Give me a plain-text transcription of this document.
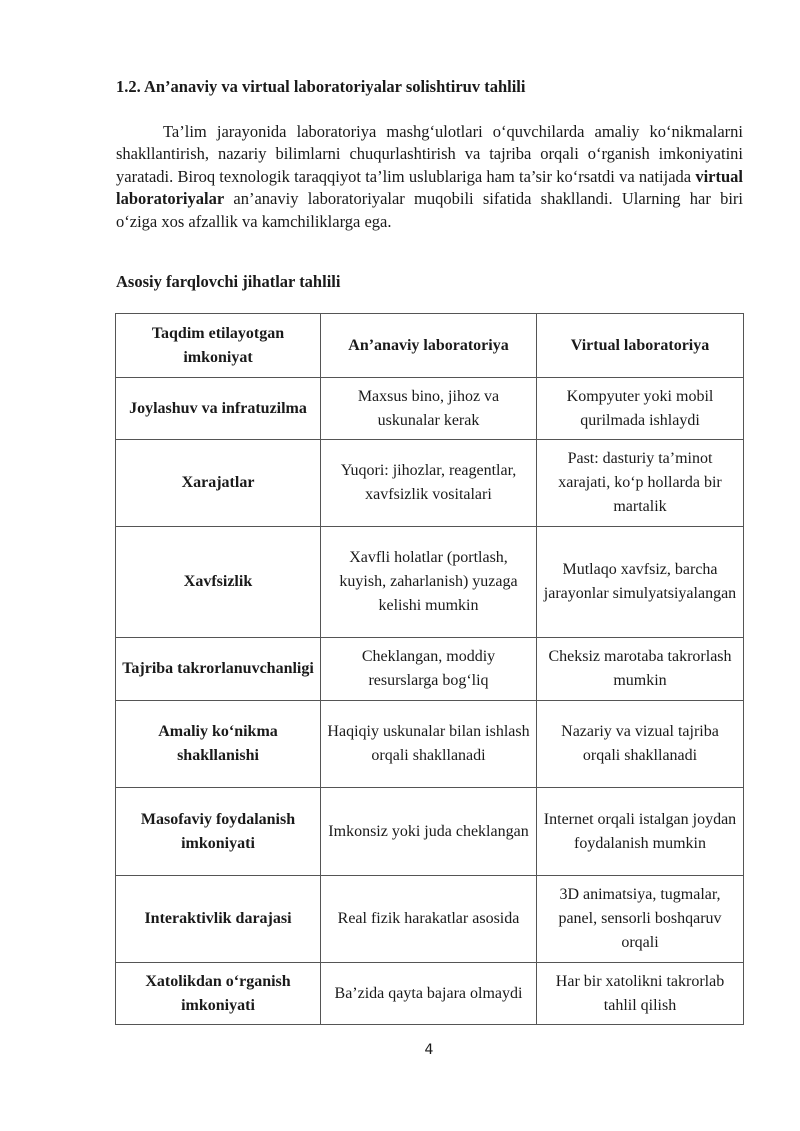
1.2. An’anaviy va virtual laboratoriyalar solishtiruv tahlili

Ta’lim jarayonida laboratoriya mashg‘ulotlari o‘quvchilarda amaliy ko‘nikmalarni shakllantirish, nazariy bilimlarni chuqurlashtirish va tajriba orqali o‘rganish imkoniyatini yaratadi. Biroq texnologik taraqqiyot ta’lim uslublariga ham ta’sir ko‘rsatdi va natijada virtual laboratoriyalar an’anaviy laboratoriyalar muqobili sifatida shakllandi. Ularning har biri o‘ziga xos afzallik va kamchiliklarga ega.

Asosiy farqlovchi jihatlar tahlili
Taqdim etilayotgan imkoniyat	An’anaviy laboratoriya	Virtual laboratoriya
Joylashuv va infratuzilma	Maxsus bino, jihoz va uskunalar kerak	Kompyuter yoki mobil qurilmada ishlaydi
Xarajatlar	Yuqori: jihozlar, reagentlar, xavfsizlik vositalari	Past: dasturiy ta’minot xarajati, ko‘p hollarda bir martalik
Xavfsizlik	Xavfli holatlar (portlash, kuyish, zaharlanish) yuzaga kelishi mumkin	Mutlaqo xavfsiz, barcha jarayonlar simulyatsiyalangan
Tajriba takrorlanuvchanligi	Cheklangan, moddiy resurslarga bog‘liq	Cheksiz marotaba takrorlash mumkin
Amaliy ko‘nikma shakllanishi	Haqiqiy uskunalar bilan ishlash orqali shakllanadi	Nazariy va vizual tajriba orqali shakllanadi
Masofaviy foydalanish imkoniyati	Imkonsiz yoki juda cheklangan	Internet orqali istalgan joydan foydalanish mumkin
Interaktivlik darajasi	Real fizik harakatlar asosida	3D animatsiya, tugmalar, panel, sensorli boshqaruv orqali
Xatolikdan o‘rganish imkoniyati	Ba’zida qayta bajara olmaydi	Har bir xatolikni takrorlab tahlil qilish
4
